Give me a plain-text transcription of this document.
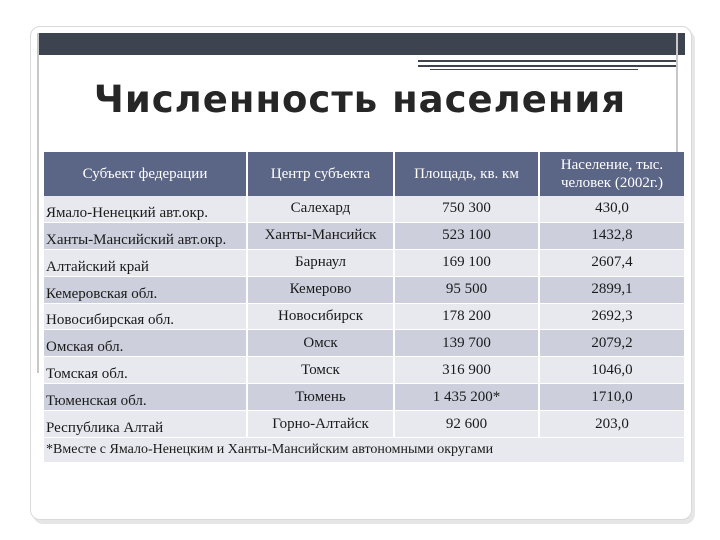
Численность населения
Субъект федерации	Центр субъекта	Площадь, кв. км	Население, тыс. человек (2002г.)
Ямало-Ненецкий авт.окр.	Салехард	750 300	430,0
Ханты-Мансийский авт.окр.	Ханты-Мансийск	523 100	1432,8
Алтайский край	Барнаул	169 100	2607,4
Кемеровская обл.	Кемерово	95 500	2899,1
Новосибирская обл.	Новосибирск	178 200	2692,3
Омская обл.	Омск	139 700	2079,2
Томская обл.	Томск	316 900	1046,0
Тюменская обл.	Тюмень	1 435 200*	1710,0
Республика Алтай	Горно-Алтайск	92 600	203,0
*Вместе с Ямало-Ненецким и Ханты-Мансийским автономными округами			
